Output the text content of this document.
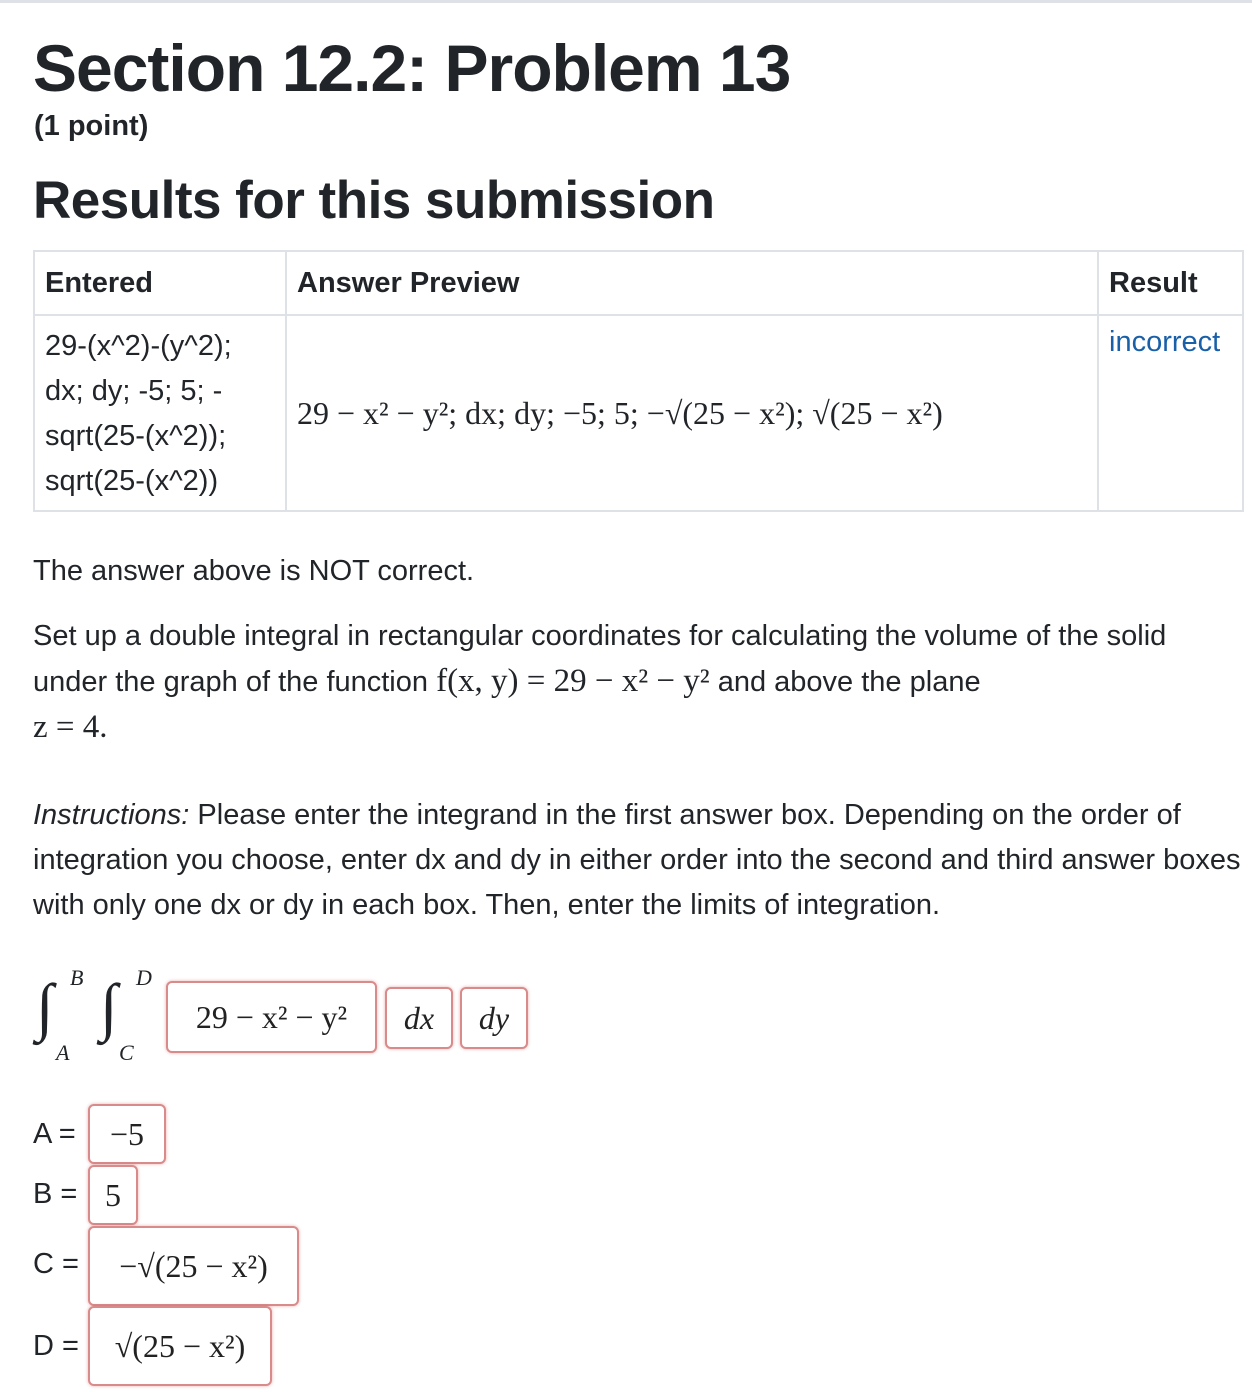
Section 12.2: Problem 13
(1 point)
Results for this submission
Entered	Answer Preview	Result

29-(x^2)-(y^2);
dx; dy; -5; 5; -
sqrt(25-(x^2));
sqrt(25-(x^2))	29 − x² − y²; dx; dy; −5; 5; −√(25 − x²); √(25 − x²)	incorrect
The answer above is NOT correct.
Set up a double integral in rectangular coordinates for calculating the volume of the solid under the graph of the function f(x, y) = 29 − x² − y² and above the plane
z = 4.
Instructions: Please enter the integrand in the first answer box. Depending on the order of integration you choose, enter dx and dy in either order into the second and third answer boxes with only one dx or dy in each box. Then, enter the limits of integration.
∫ B
A
∫ D
C
29 − x² − y² dx dy
A = −5
B = 5
C = −√(25 − x²)
D = √(25 − x²)
